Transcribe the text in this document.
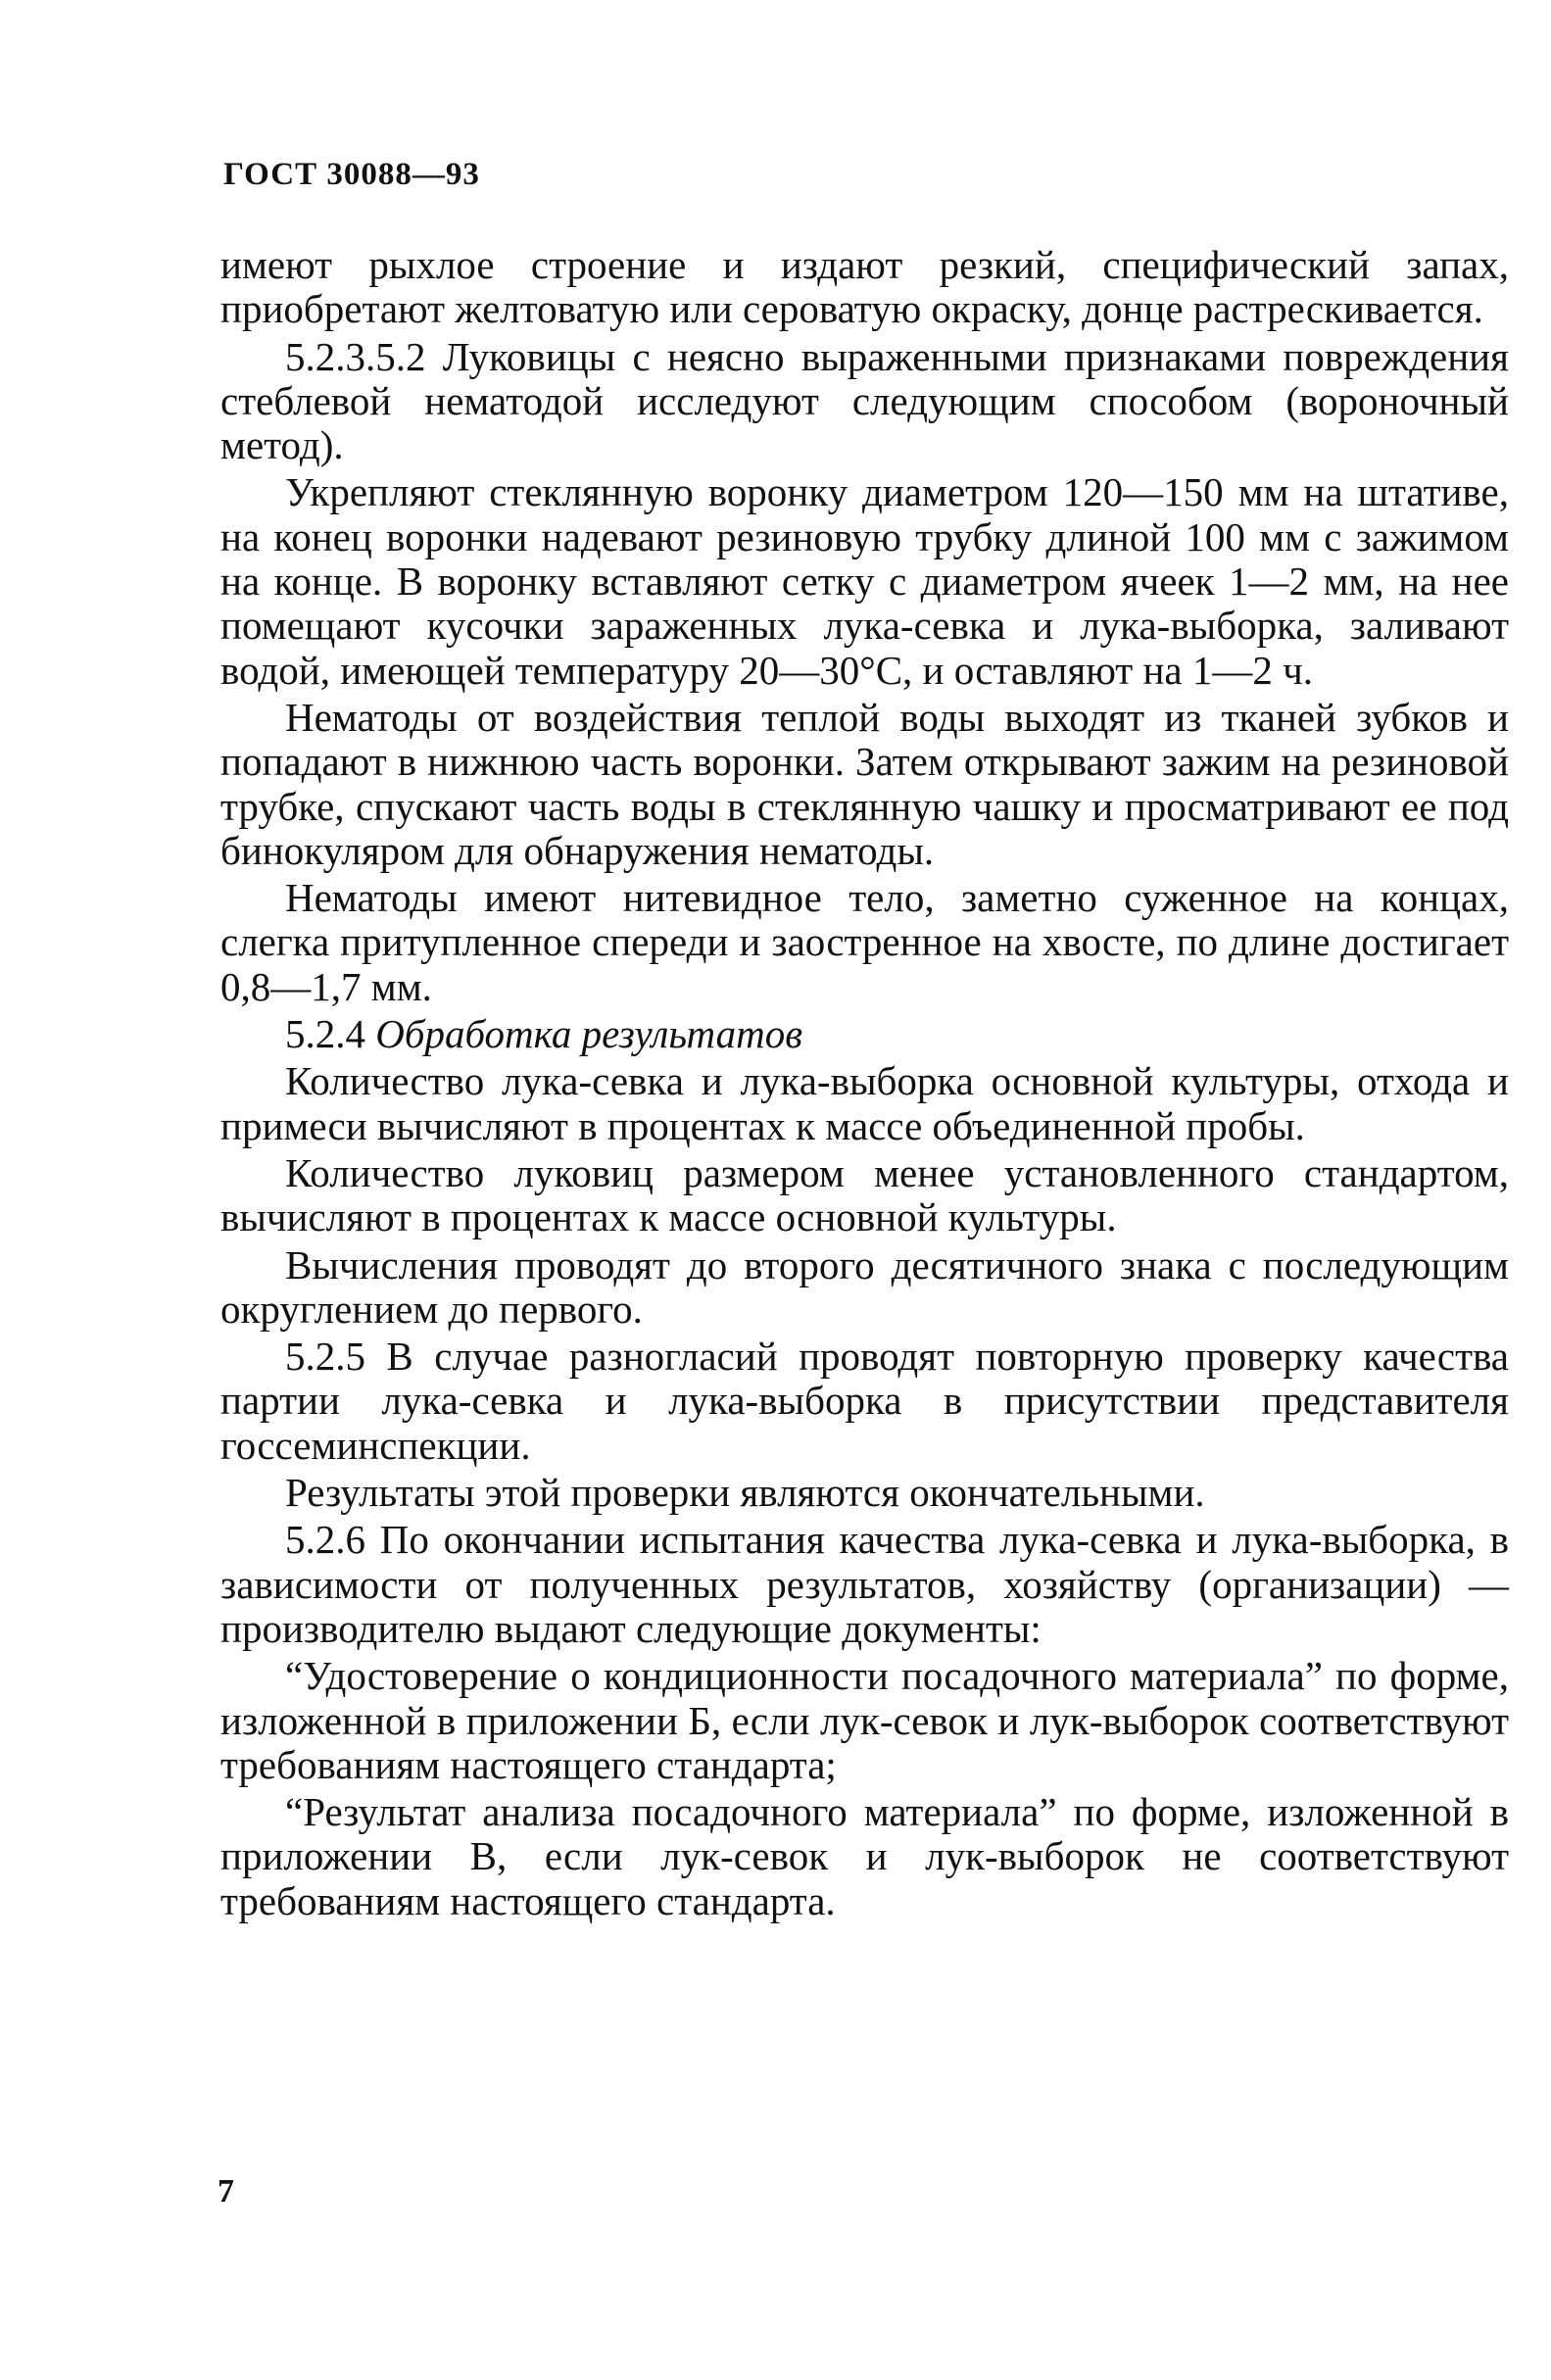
ГОСТ 30088—93

имеют рыхлое строение и издают резкий, специфический запах, приобретают желтоватую или сероватую окраску, донце растрескивается.

5.2.3.5.2 Луковицы с неясно выраженными признаками повреждения стеблевой нематодой исследуют следующим способом (вороночный метод).

Укрепляют стеклянную воронку диаметром 120—150 мм на штативе, на конец воронки надевают резиновую трубку длиной 100 мм с зажимом на конце. В воронку вставляют сетку с диаметром ячеек 1—2 мм, на нее помещают кусочки зараженных лука-севка и лука-выборка, заливают водой, имеющей температуру 20—30°С, и оставляют на 1—2 ч.

Нематоды от воздействия теплой воды выходят из тканей зубков и попадают в нижнюю часть воронки. Затем открывают зажим на резиновой трубке, спускают часть воды в стеклянную чашку и просматривают ее под бинокуляром для обнаружения нематоды.

Нематоды имеют нитевидное тело, заметно суженное на концах, слегка притупленное спереди и заостренное на хвосте, по длине достигает 0,8—1,7 мм.

5.2.4 Обработка результатов

Количество лука-севка и лука-выборка основной культуры, отхода и примеси вычисляют в процентах к массе объединенной пробы.

Количество луковиц размером менее установленного стандартом, вычисляют в процентах к массе основной культуры.

Вычисления проводят до второго десятичного знака с последующим округлением до первого.

5.2.5 В случае разногласий проводят повторную проверку качества партии лука-севка и лука-выборка в присутствии представителя госсеминспекции.

Результаты этой проверки являются окончательными.

5.2.6 По окончании испытания качества лука-севка и лука-выборка, в зависимости от полученных результатов, хозяйству (организации) — производителю выдают следующие документы:

“Удостоверение о кондиционности посадочного материала” по форме, изложенной в приложении Б, если лук-севок и лук-выборок соответствуют требованиям настоящего стандарта;

“Результат анализа посадочного материала” по форме, изложенной в приложении В, если лук-севок и лук-выборок не соответствуют требованиям настоящего стандарта.

7
